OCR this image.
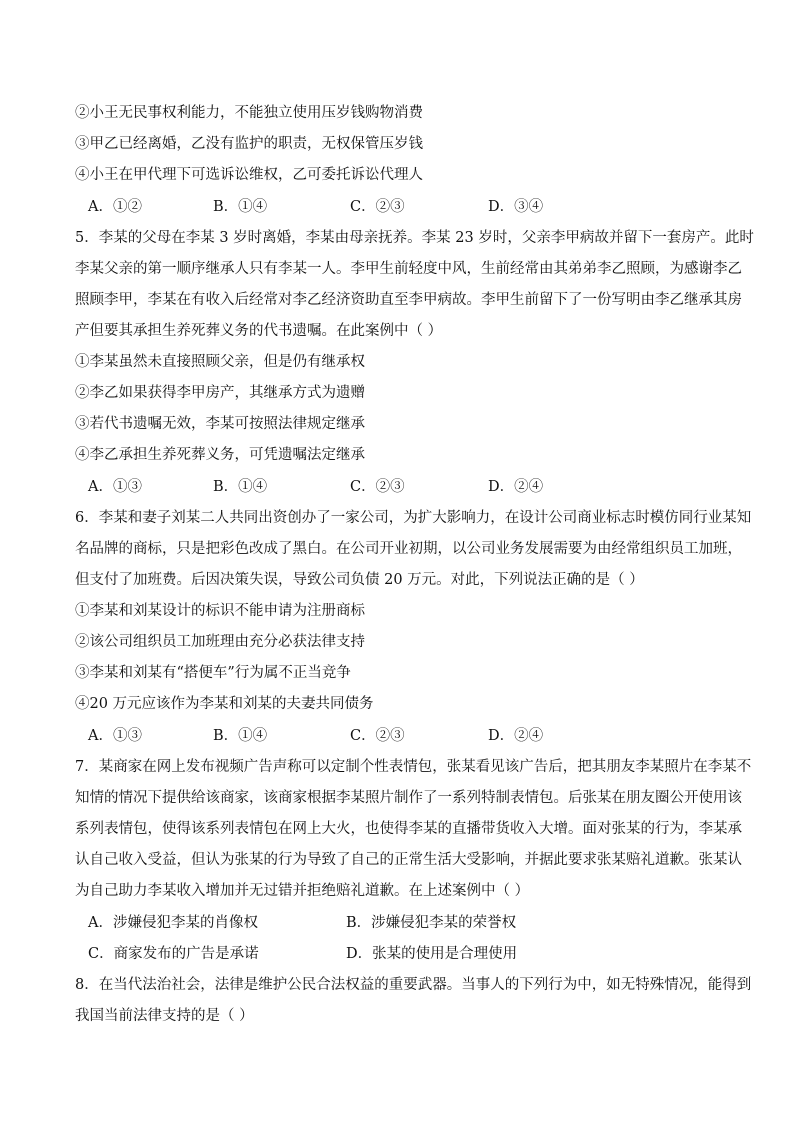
②小王无民事权利能力，不能独立使用压岁钱购物消费
③甲乙已经离婚，乙没有监护的职责，无权保管压岁钱
④小王在甲代理下可选诉讼维权，乙可委托诉讼代理人
A．①②	B．①④	C．②③	D．③④
5．李某的父母在李某 3 岁时离婚，李某由母亲抚养。李某 23 岁时，父亲李甲病故并留下一套房产。此时
李某父亲的第一顺序继承人只有李某一人。李甲生前轻度中风，生前经常由其弟弟李乙照顾，为感谢李乙
照顾李甲，李某在有收入后经常对李乙经济资助直至李甲病故。李甲生前留下了一份写明由李乙继承其房
产但要其承担生养死葬义务的代书遗嘱。在此案例中（ ）
①李某虽然未直接照顾父亲，但是仍有继承权
②李乙如果获得李甲房产，其继承方式为遗赠
③若代书遗嘱无效，李某可按照法律规定继承
④李乙承担生养死葬义务，可凭遗嘱法定继承
A．①③	B．①④	C．②③	D．②④
6．李某和妻子刘某二人共同出资创办了一家公司，为扩大影响力，在设计公司商业标志时模仿同行业某知
名品牌的商标，只是把彩色改成了黑白。在公司开业初期，以公司业务发展需要为由经常组织员工加班，
但支付了加班费。后因决策失误，导致公司负债 20 万元。对此，下列说法正确的是（ ）
①李某和刘某设计的标识不能申请为注册商标
②该公司组织员工加班理由充分必获法律支持
③李某和刘某有“搭便车”行为属不正当竞争
④20 万元应该作为李某和刘某的夫妻共同债务
A．①③	B．①④	C．②③	D．②④
7．某商家在网上发布视频广告声称可以定制个性表情包，张某看见该广告后，把其朋友李某照片在李某不
知情的情况下提供给该商家，该商家根据李某照片制作了一系列特制表情包。后张某在朋友圈公开使用该
系列表情包，使得该系列表情包在网上大火，也使得李某的直播带货收入大增。面对张某的行为，李某承
认自己收入受益，但认为张某的行为导致了自己的正常生活大受影响，并据此要求张某赔礼道歉。张某认
为自己助力李某收入增加并无过错并拒绝赔礼道歉。在上述案例中（ ）
A．涉嫌侵犯李某的肖像权	B．涉嫌侵犯李某的荣誉权
C．商家发布的广告是承诺	D．张某的使用是合理使用
8．在当代法治社会，法律是维护公民合法权益的重要武器。当事人的下列行为中，如无特殊情况，能得到
我国当前法律支持的是（ ）
